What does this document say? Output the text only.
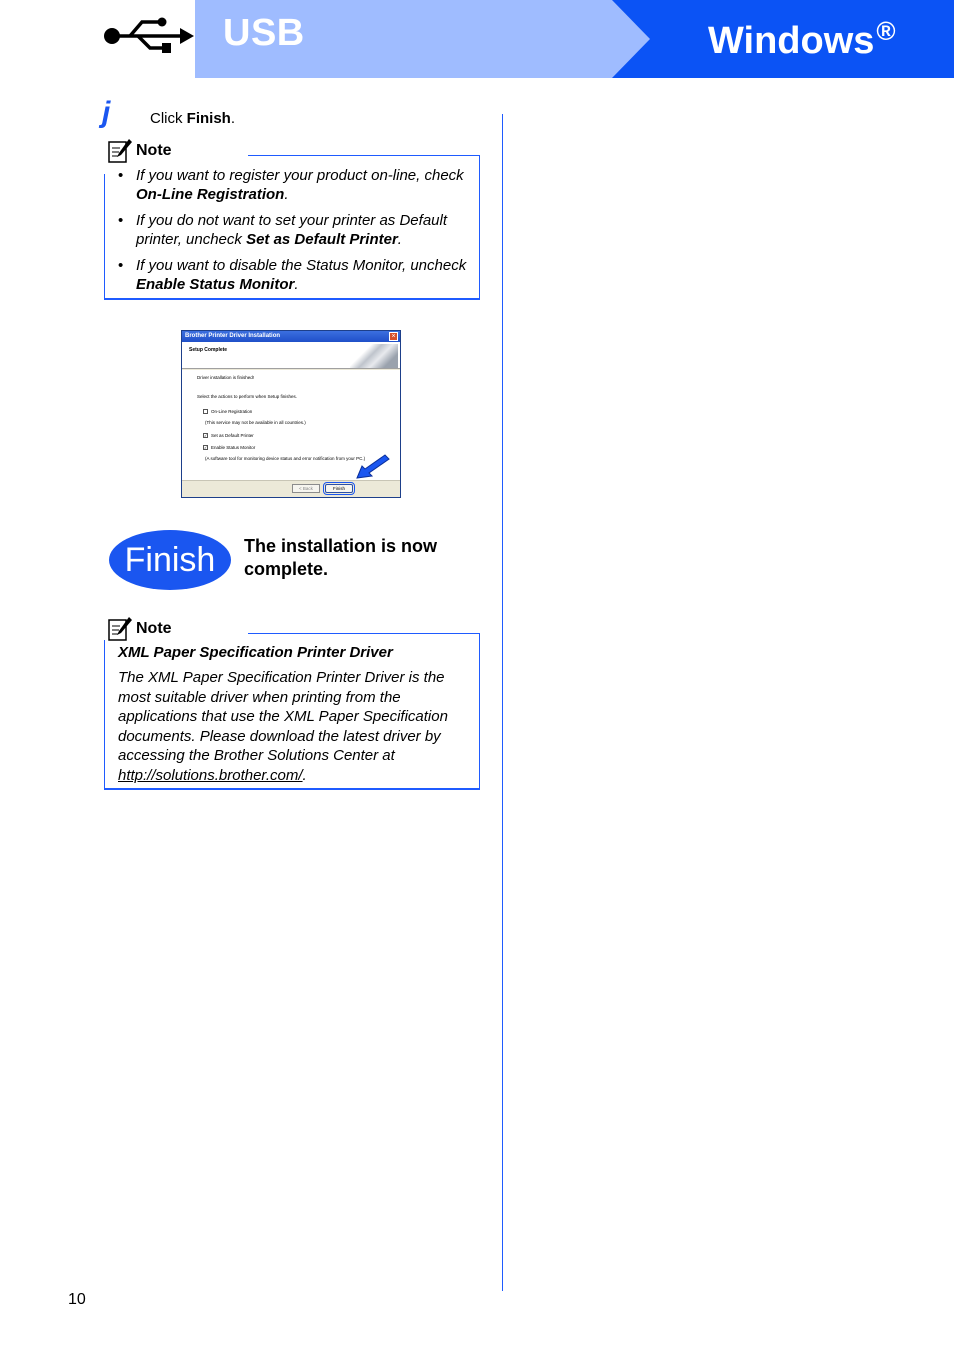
USB	Windows®
j	Click Finish.
Note
• If you want to register your product on-line, check On-Line Registration.
• If you do not want to set your printer as Default printer, uncheck Set as Default Printer.
• If you want to disable the Status Monitor, uncheck Enable Status Monitor.
Brother Printer Driver Installation	×
Setup Complete
Driver installation is finished!
Select the actions to perform when Setup finishes.
On-Line Registration
(This service may not be available in all countries.)
✓ Set as Default Printer
✓ Enable Status Monitor
(A software tool for monitoring device status and error notification from your PC.)
< Back	Finish
Finish	The installation is now complete.
Note
XML Paper Specification Printer Driver
The XML Paper Specification Printer Driver is the most suitable driver when printing from the applications that use the XML Paper Specification documents. Please download the latest driver by accessing the Brother Solutions Center at http://solutions.brother.com/.
10
